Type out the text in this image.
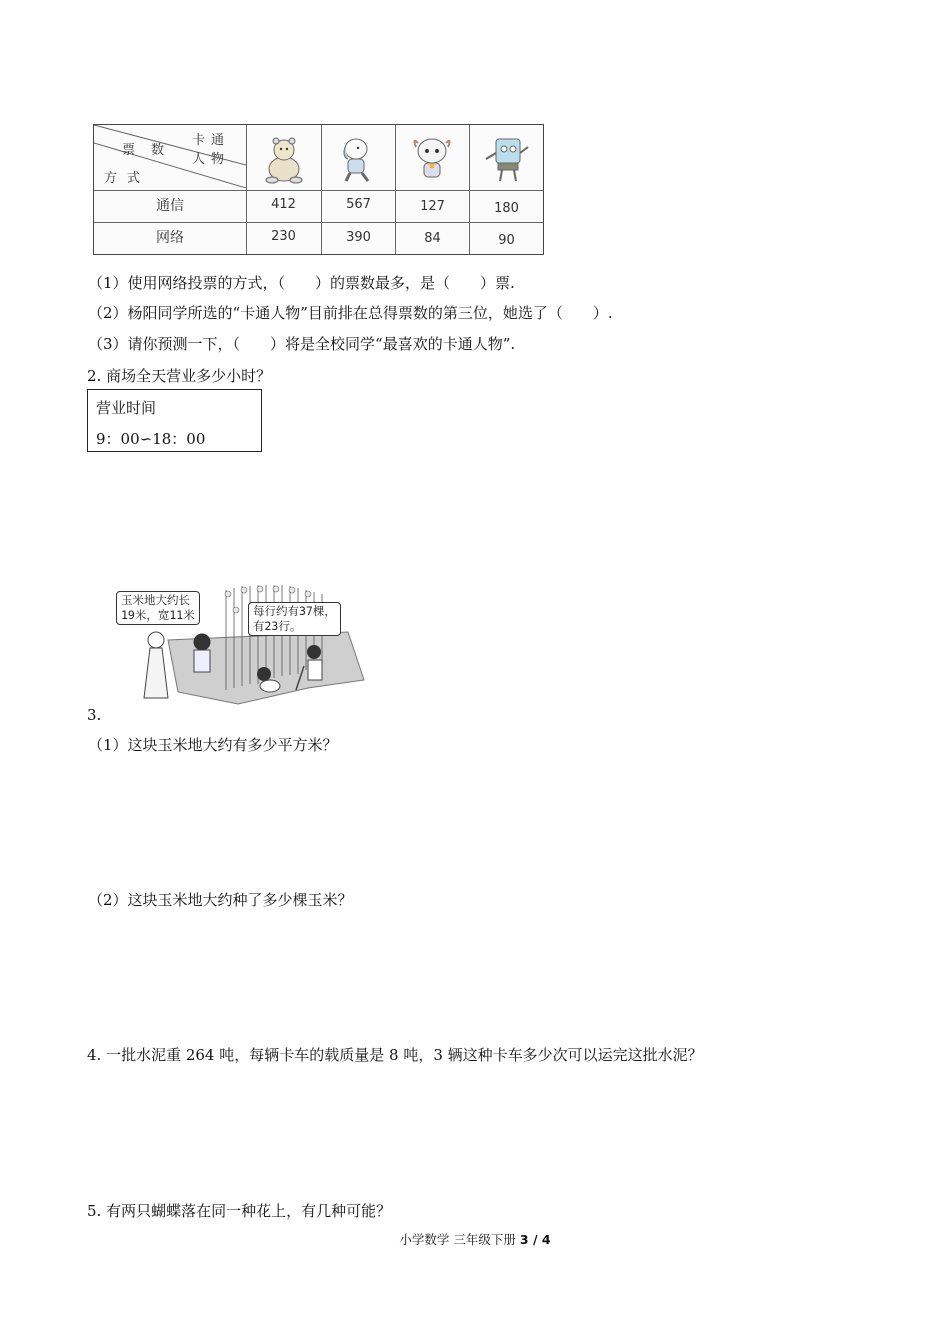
卡通人物
票数
方式
通信	412	567	127	180
网络	230	390	84	90
（1）使用网络投票的方式，（　　）的票数最多，是（　　）票.
（2）杨阳同学所选的“卡通人物”目前排在总得票数的第三位，她选了（　　）.
（3）请你预测一下，（　　）将是全校同学“最喜欢的卡通人物”.
2. 商场全天营业多少小时？
营业时间
9：00∽18：00
玉米地大约长
19米，宽11米	每行约有37棵，
有23行。
3.
（1）这块玉米地大约有多少平方米？
（2）这块玉米地大约种了多少棵玉米？
4. 一批水泥重 264 吨，每辆卡车的载质量是 8 吨，3 辆这种卡车多少次可以运完这批水泥？
5. 有两只蝴蝶落在同一种花上，有几种可能？
小学数学 三年级下册 3 / 4
